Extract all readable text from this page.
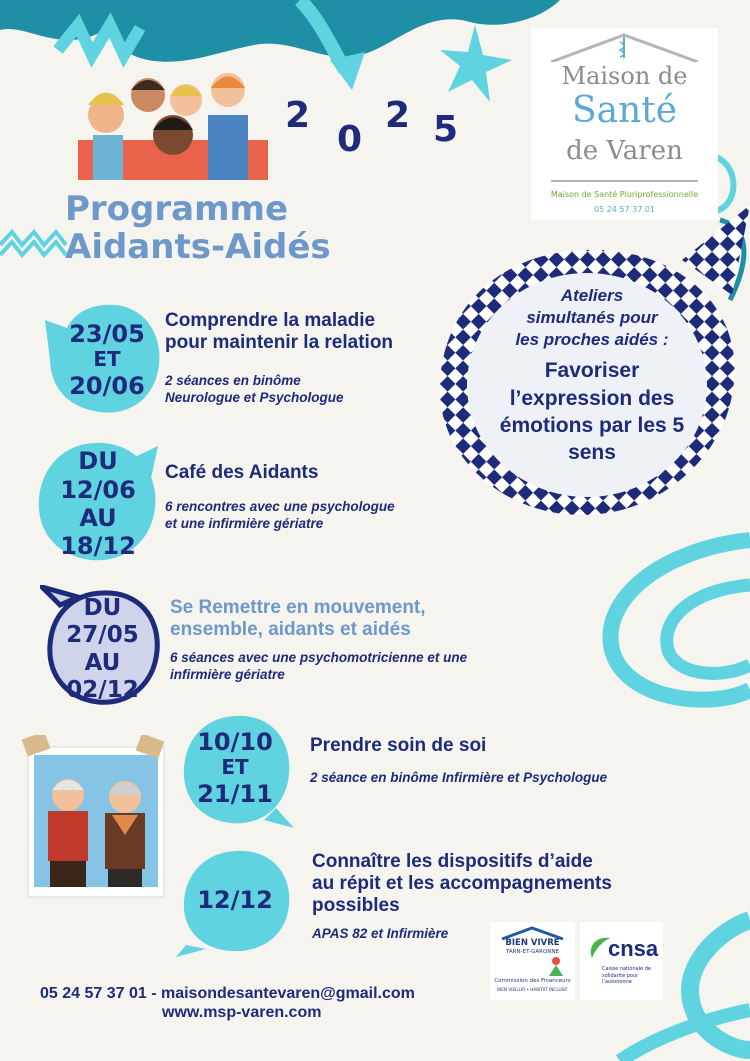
2
0
2 5
Maison de
Santé
de Varen
Maison de Santé Pluriprofessionnelle
05 24 57 37 01
Programme
Aidants-Aidés
Ateliers
simultanés pour
les proches aidés :
Favoriser
l’expression des
émotions par les 5
sens
23/05
ET
20/06
DU
12/06
AU
18/12
DU
27/05
AU
02/12
10/10
ET
21/11
12/12
Comprendre la maladie
pour maintenir la relation
2 séances en binôme
Neurologue et Psychologue
Café des Aidants
6 rencontres avec une psychologue
et une infirmière gériatre
Se Remettre en mouvement,
ensemble, aidants et aidés
6 séances avec une psychomotricienne et une
infirmière gériatre
Prendre soin de soi
2 séance en binôme Infirmière et Psychologue
Connaître les dispositifs d’aide
au répit et les accompagnements
possibles
APAS 82 et Infirmière
BIEN VIVRE
TARN-ET-GARONNE
Commission des Financeurs
BIEN VIEILLIR • HABITAT INCLUSIF
cnsa
Caisse nationale de
solidarité pour l’autonomie
05 24 57 37 01 - maisondesantevaren@gmail.com
www.msp-varen.com
